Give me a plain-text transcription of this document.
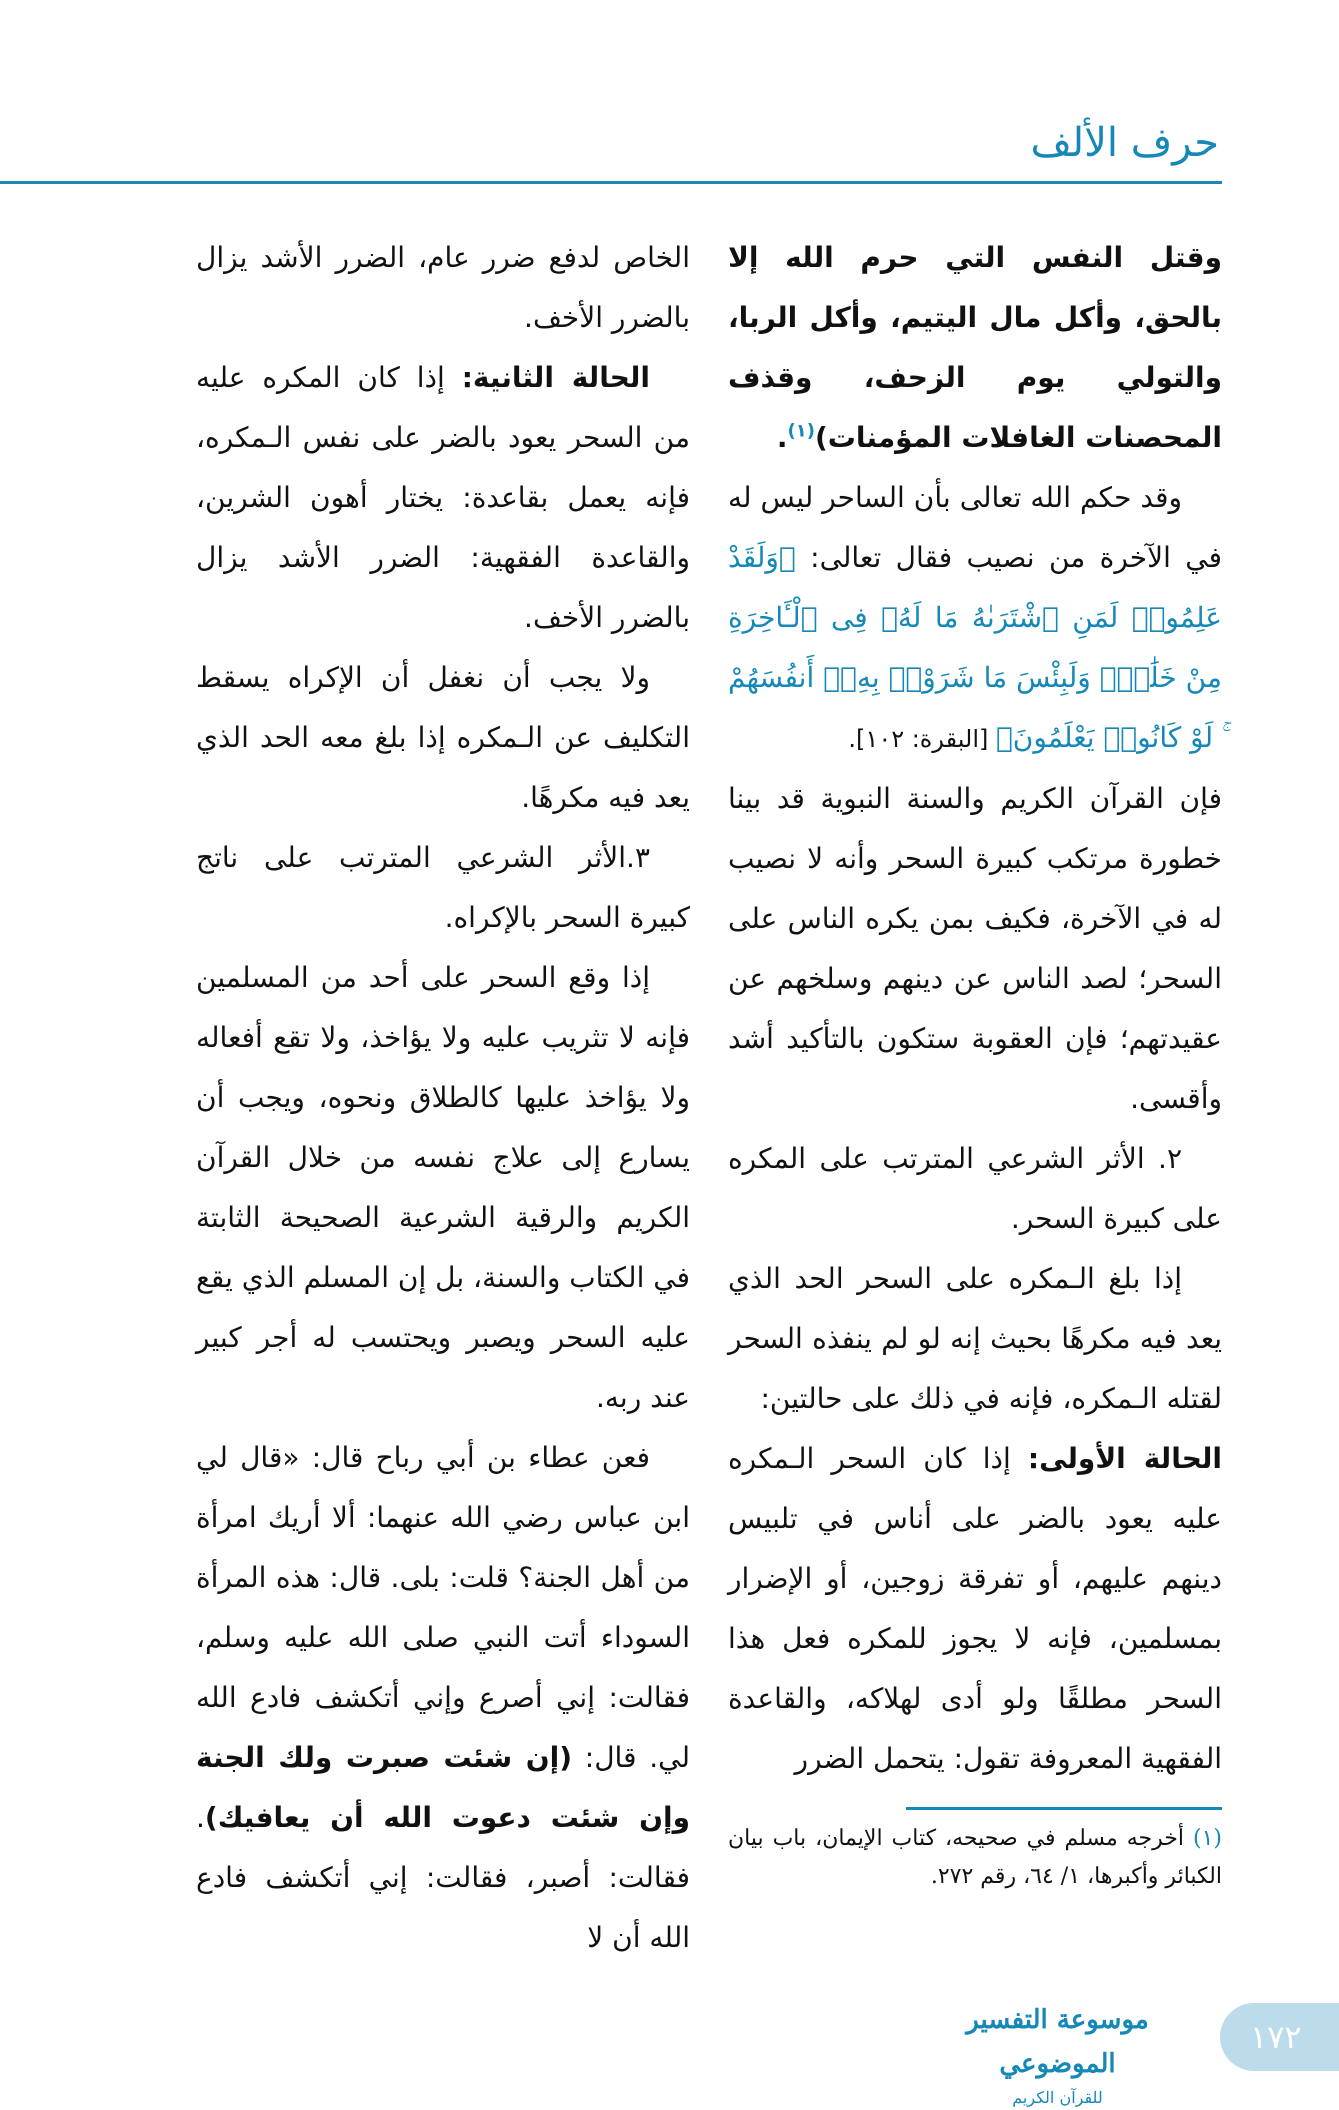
حرف الألف

وقتل النفس التي حرم الله إلا بالحق، وأكل مال اليتيم، وأكل الربا، والتولي يوم الزحف، وقذف المحصنات الغافلات المؤمنات)$^{(١)}$.

وقد حكم الله تعالى بأن الساحر ليس له في الآخرة من نصيب فقال تعالى: ﴿وَلَقَدْ عَلِمُوا۟ لَمَنِ ٱشْتَرَىٰهُ مَا لَهُۥ فِى ٱلْـَٔاخِرَةِ مِنْ خَلَٰقٍۚ وَلَبِئْسَ مَا شَرَوْا۟ بِهِۦٓ أَنفُسَهُمْ ۚ لَوْ كَانُوا۟ يَعْلَمُونَ﴾ [البقرة: ١٠٢].

فإن القرآن الكريم والسنة النبوية قد بينا خطورة مرتكب كبيرة السحر وأنه لا نصيب له في الآخرة، فكيف بمن يكره الناس على السحر؛ لصد الناس عن دينهم وسلخهم عن عقيدتهم؛ فإن العقوبة ستكون بالتأكيد أشد وأقسى.

٢. الأثر الشرعي المترتب على المكره على كبيرة السحر.

إذا بلغ الـمكره على السحر الحد الذي يعد فيه مكرهًا بحيث إنه لو لم ينفذه السحر لقتله الـمكره، فإنه في ذلك على حالتين:

الحالة الأولى: إذا كان السحر الـمكره عليه يعود بالضر على أناس في تلبيس دينهم عليهم، أو تفرقة زوجين، أو الإضرار بمسلمين، فإنه لا يجوز للمكره فعل هذا السحر مطلقًا ولو أدى لهلاكه، والقاعدة الفقهية المعروفة تقول: يتحمل الضرر

(١) أخرجه مسلم في صحيحه، كتاب الإيمان، باب بيان الكبائر وأكبرها، ١/ ٦٤، رقم ٢٧٢.

الخاص لدفع ضرر عام، الضرر الأشد يزال بالضرر الأخف.

الحالة الثانية: إذا كان المكره عليه من السحر يعود بالضر على نفس الـمكره، فإنه يعمل بقاعدة: يختار أهون الشرين، والقاعدة الفقهية: الضرر الأشد يزال بالضرر الأخف.

ولا يجب أن نغفل أن الإكراه يسقط التكليف عن الـمكره إذا بلغ معه الحد الذي يعد فيه مكرهًا.

٣.الأثر الشرعي المترتب على ناتج كبيرة السحر بالإكراه.

إذا وقع السحر على أحد من المسلمين فإنه لا تثريب عليه ولا يؤاخذ، ولا تقع أفعاله ولا يؤاخذ عليها كالطلاق ونحوه، ويجب أن يسارع إلى علاج نفسه من خلال القرآن الكريم والرقية الشرعية الصحيحة الثابتة في الكتاب والسنة، بل إن المسلم الذي يقع عليه السحر ويصبر ويحتسب له أجر كبير عند ربه.

فعن عطاء بن أبي رباح قال: «قال لي ابن عباس رضي الله عنهما: ألا أريك امرأة من أهل الجنة؟ قلت: بلى. قال: هذه المرأة السوداء أتت النبي صلى الله عليه وسلم، فقالت: إني أصرع وإني أتكشف فادع الله لي. قال: (إن شئت صبرت ولك الجنة وإن شئت دعوت الله أن يعافيك). فقالت: أصبر، فقالت: إني أتكشف فادع الله أن لا

موسوعة التفسير الموضوعي
للقرآن الكريم
١٧٢
